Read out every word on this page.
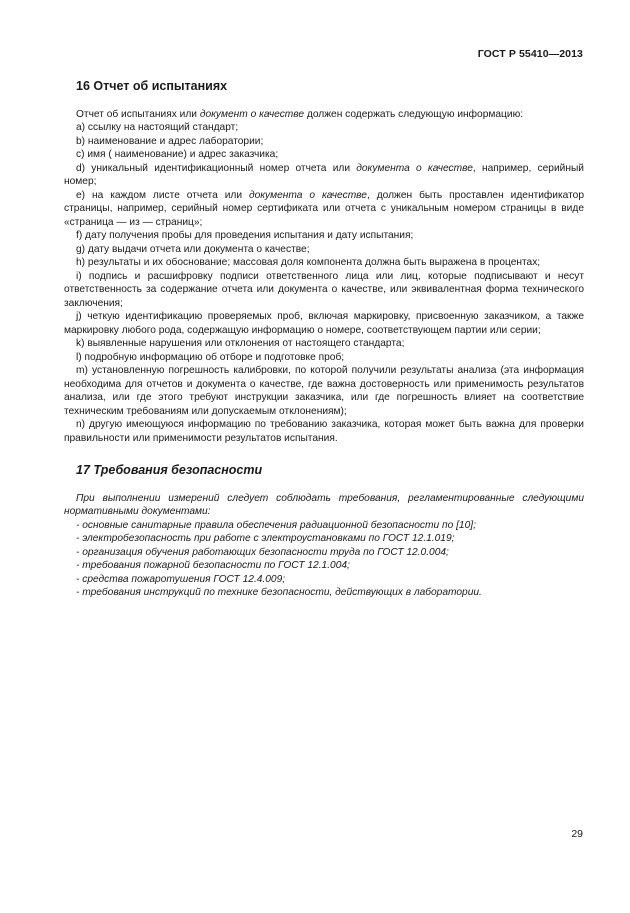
ГОСТ Р 55410—2013
16 Отчет об испытаниях

Отчет об испытаниях или документ о качестве должен содержать следующую информацию:

a) ссылку на настоящий стандарт;

b) наименование и адрес лаборатории;

c) имя ( наименование) и адрес заказчика;

d) уникальный идентификационный номер отчета или документа о качестве, например, серийный номер;

e) на каждом листе отчета или документа о качестве, должен быть проставлен идентификатор страницы, например, серийный номер сертификата или отчета с уникальным номером страницы в виде «страница — из — страниц»;

f) дату получения пробы для проведения испытания и дату испытания;

g) дату выдачи отчета или документа о качестве;

h) результаты и их обоснование; массовая доля компонента должна быть выражена в процентах;

i) подпись и расшифровку подписи ответственного лица или лиц, которые подписывают и несут ответственность за содержание отчета или документа о качестве, или эквивалентная форма технического заключения;

j) четкую идентификацию проверяемых проб, включая маркировку, присвоенную заказчиком, а также маркировку любого рода, содержащую информацию о номере, соответствующем партии или серии;

k) выявленные нарушения или отклонения от настоящего стандарта;

l) подробную информацию об отборе и подготовке проб;

m) установленную погрешность калибровки, по которой получили результаты анализа (эта информация необходима для отчетов и документа о качестве, где важна достоверность или применимость результатов анализа, или где этого требуют инструкции заказчика, или где погрешность влияет на соответствие техническим требованиям или допускаемым отклонениям);

n) другую имеющуюся информацию по требованию заказчика, которая может быть важна для проверки правильности или применимости результатов испытания.

17 Требования безопасности

При выполнении измерений следует соблюдать требования, регламентированные следующими нормативными документами:

- основные санитарные правила обеспечения радиационной безопасности по [10];

- электробезопасность при работе с электроустановками по ГОСТ 12.1.019;

- организация обучения работающих безопасности труда по ГОСТ 12.0.004;

- требования пожарной безопасности по ГОСТ 12.1.004;

- средства пожаротушения ГОСТ 12.4.009;

- требования инструкций по технике безопасности, действующих в лаборатории.

29
